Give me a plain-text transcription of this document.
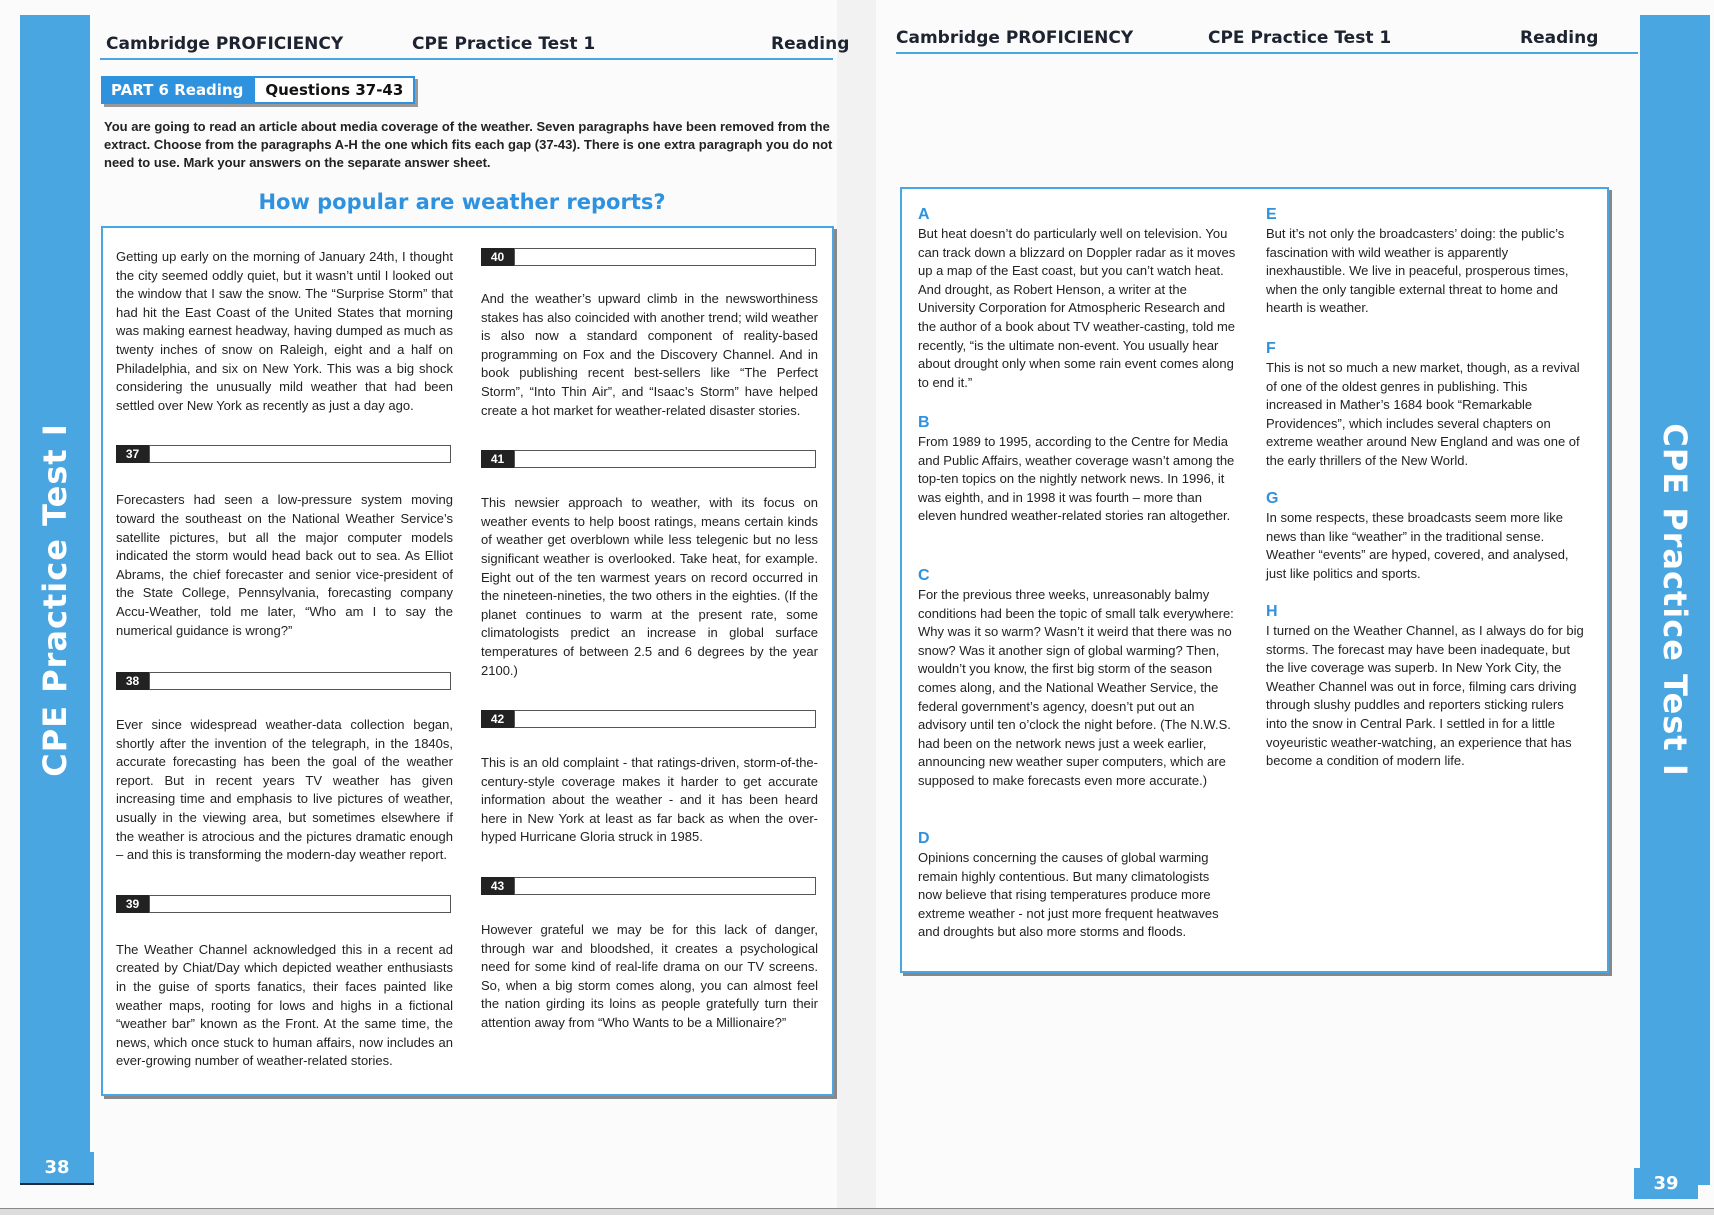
CPE Practice Test I
38
Cambridge PROFICIENCY	CPE Practice Test 1	Reading
PART 6 Reading	Questions 37-43
You are going to read an article about media coverage of the weather. Seven paragraphs have been removed from the extract. Choose from the paragraphs A-H the one which fits each gap (37-43). There is one extra paragraph you do not need to use. Mark your answers on the separate answer sheet.
How popular are weather reports?

Getting up early on the morning of January 24th, I thought the city seemed oddly quiet, but it wasn’t until I looked out the window that I saw the snow. The “Surprise Storm” that had hit the East Coast of the United States that morning was making earnest headway, having dumped as much as twenty inches of snow on Raleigh, eight and a half on Philadelphia, and six on New York. This was a big shock considering the unusually mild weather that had been settled over New York as recently as just a day ago.

37

Forecasters had seen a low-pressure system moving toward the southeast on the National Weather Service’s satellite pictures, but all the major computer models indicated the storm would head back out to sea. As Elliot Abrams, the chief forecaster and senior vice-president of the State College, Pennsylvania, forecasting company Accu-Weather, told me later, “Who am I to say the numerical guidance is wrong?”

38

Ever since widespread weather-data collection began, shortly after the invention of the telegraph, in the 1840s, accurate forecasting has been the goal of the weather report. But in recent years TV weather has given increasing time and emphasis to live pictures of weather, usually in the viewing area, but sometimes elsewhere if the weather is atrocious and the pictures dramatic enough – and this is transforming the modern-day weather report.

39

The Weather Channel acknowledged this in a recent ad created by Chiat/Day which depicted weather enthusiasts in the guise of sports fanatics, their faces painted like weather maps, rooting for lows and highs in a fictional “weather bar” known as the Front. At the same time, the news, which once stuck to human affairs, now includes an ever-growing number of weather-related stories.

40

And the weather’s upward climb in the newsworthiness stakes has also coincided with another trend; wild weather is also now a standard component of reality-based programming on Fox and the Discovery Channel. And in book publishing recent best-sellers like “The Perfect Storm”, “Into Thin Air”, and “Isaac’s Storm” have helped create a hot market for weather-related disaster stories.

41

This newsier approach to weather, with its focus on weather events to help boost ratings, means certain kinds of weather get overblown while less telegenic but no less significant weather is overlooked. Take heat, for example. Eight out of the ten warmest years on record occurred in the nineteen-nineties, the two others in the eighties. (If the planet continues to warm at the present rate, some climatologists predict an increase in global surface temperatures of between 2.5 and 6 degrees by the year 2100.)

42

This is an old complaint - that ratings-driven, storm-of-the-century-style coverage makes it harder to get accurate information about the weather - and it has been heard here in New York at least as far back as when the over-hyped Hurricane Gloria struck in 1985.

43

However grateful we may be for this lack of danger, through war and bloodshed, it creates a psychological need for some kind of real-life drama on our TV screens. So, when a big storm comes along, you can almost feel the nation girding its loins as people gratefully turn their attention away from “Who Wants to be a Millionaire?”

Cambridge PROFICIENCY	CPE Practice Test 1	Reading
CPE Practice Test I
39
A

But heat doesn’t do particularly well on television. You can track down a blizzard on Doppler radar as it moves up a map of the East coast, but you can’t watch heat. And drought, as Robert Henson, a writer at the University Corporation for Atmospheric Research and the author of a book about TV weather-casting, told me recently, “is the ultimate non-event. You usually hear about drought only when some rain event comes along to end it.”

B

From 1989 to 1995, according to the Centre for Media and Public Affairs, weather coverage wasn’t among the top-ten topics on the nightly network news. In 1996, it was eighth, and in 1998 it was fourth – more than eleven hundred weather-related stories ran altogether.

C

For the previous three weeks, unreasonably balmy conditions had been the topic of small talk everywhere: Why was it so warm? Wasn’t it weird that there was no snow? Was it another sign of global warming? Then, wouldn’t you know, the first big storm of the season comes along, and the National Weather Service, the federal government’s agency, doesn’t put out an advisory until ten o’clock the night before. (The N.W.S. had been on the network news just a week earlier, announcing new weather super computers, which are supposed to make forecasts even more accurate.)

D

Opinions concerning the causes of global warming remain highly contentious. But many climatologists now believe that rising temperatures produce more extreme weather - not just more frequent heatwaves and droughts but also more storms and floods.

E

But it’s not only the broadcasters’ doing: the public’s fascination with wild weather is apparently inexhaustible. We live in peaceful, prosperous times, when the only tangible external threat to home and hearth is weather.

F

This is not so much a new market, though, as a revival of one of the oldest genres in publishing. This increased in Mather’s 1684 book “Remarkable Providences”, which includes several chapters on extreme weather around New England and was one of the early thrillers of the New World.

G

In some respects, these broadcasts seem more like news than like “weather” in the traditional sense. Weather “events” are hyped, covered, and analysed, just like politics and sports.

H

I turned on the Weather Channel, as I always do for big storms. The forecast may have been inadequate, but the live coverage was superb. In New York City, the Weather Channel was out in force, filming cars driving through slushy puddles and reporters sticking rulers into the snow in Central Park. I settled in for a little voyeuristic weather-watching, an experience that has become a condition of modern life.
